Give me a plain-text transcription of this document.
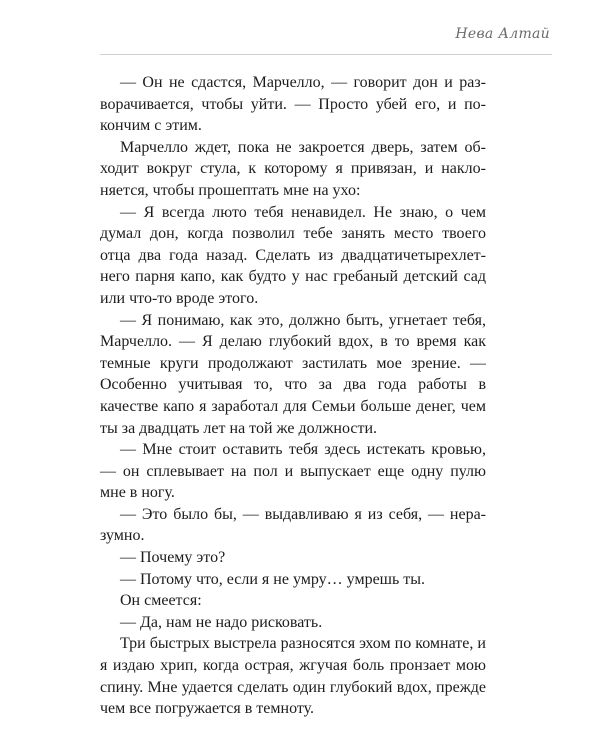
Нева Алтай

— Он не сдастся, Марчелло, — говорит дон и разворачивается, чтобы уйти. — Просто убей его, и покончим с этим.

Марчелло ждет, пока не закроется дверь, затем обходит вокруг стула, к которому я привязан, и наклоняется, чтобы прошептать мне на ухо:

— Я всегда люто тебя ненавидел. Не знаю, о чем думал дон, когда позволил тебе занять место твоего отца два года назад. Сделать из двадцатичетырехлетнего парня капо, как будто у нас гребаный детский сад или что-то вроде этого.

— Я понимаю, как это, должно быть, угнетает тебя, Марчелло. — Я делаю глубокий вдох, в то время как темные круги продолжают застилать мое зрение. — Особенно учитывая то, что за два года работы в качестве капо я заработал для Семьи больше денег, чем ты за двадцать лет на той же должности.

— Мне стоит оставить тебя здесь истекать кровью, — он сплевывает на пол и выпускает еще одну пулю мне в ногу.

— Это было бы, — выдавливаю я из себя, — неразумно.

— Почему это?

— Потому что, если я не умру… умрешь ты.

Он смеется:

— Да, нам не надо рисковать.

Три быстрых выстрела разносятся эхом по комнате, и я издаю хрип, когда острая, жгучая боль пронзает мою спину. Мне удается сделать один глубокий вдох, прежде чем все погружается в темноту.
